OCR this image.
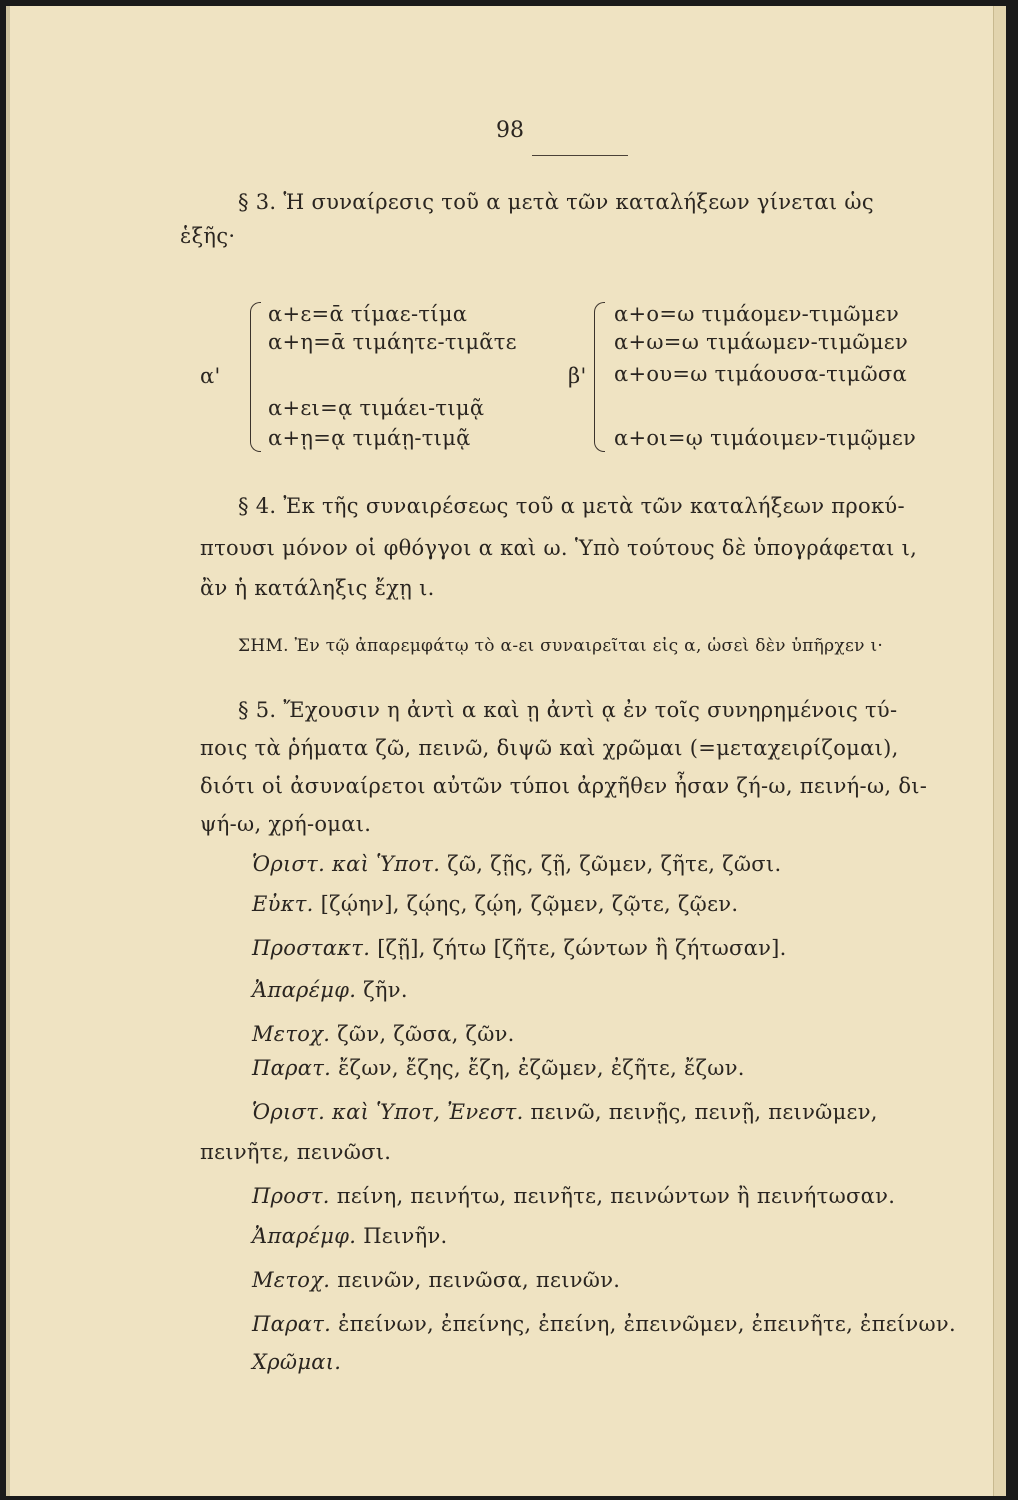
98
§ 3. Ἡ συναίρεσις τοῦ α μετὰ τῶν καταλήξεων γίνεται ὡς
ἑξῆς·
α'
α+ε=ᾱ τίμαε-τίμα
α+η=ᾱ τιμάητε-τιμᾶτε
α+ει=ᾳ τιμάει-τιμᾷ
α+ῃ=ᾳ τιμάῃ-τιμᾷ
β'
α+ο=ω τιμάομεν-τιμῶμεν
α+ω=ω τιμάωμεν-τιμῶμεν
α+ου=ω τιμάουσα-τιμῶσα
α+οι=ῳ τιμάοιμεν-τιμῷμεν
§ 4. Ἐκ τῆς συναιρέσεως τοῦ α μετὰ τῶν καταλήξεων προκύ-
πτουσι μόνον οἱ φθόγγοι α καὶ ω. Ὑπὸ τούτους δὲ ὑπογράφεται ι,
ἂν ἡ κατάληξις ἔχῃ ι.
ΣΗΜ. Ἐν τῷ ἀπαρεμφάτῳ τὸ α-ει συναιρεῖται εἰς α, ὡσεὶ δὲν ὑπῆρχεν ι·
§ 5. Ἔχουσιν η ἀντὶ α καὶ ῃ ἀντὶ ᾳ ἐν τοῖς συνηρημένοις τύ-
ποις τὰ ῥήματα ζῶ, πεινῶ, διψῶ καὶ χρῶμαι (=μεταχειρίζομαι),
διότι οἱ ἀσυναίρετοι αὐτῶν τύποι ἀρχῆθεν ἦσαν ζή-ω, πεινή-ω, δι-
ψή-ω, χρή-ομαι.
Ὁριστ. καὶ Ὑποτ. ζῶ, ζῇς, ζῇ, ζῶμεν, ζῆτε, ζῶσι.
Εὐκτ. [ζῴην], ζῴης, ζῴη, ζῷμεν, ζῷτε, ζῷεν.
Προστακτ. [ζῇ], ζήτω [ζῆτε, ζώντων ἢ ζήτωσαν].
Ἀπαρέμφ. ζῆν.
Μετοχ. ζῶν, ζῶσα, ζῶν.
Παρατ. ἔζων, ἔζης, ἔζη, ἐζῶμεν, ἐζῆτε, ἔζων.
Ὁριστ. καὶ Ὑποτ, Ἐνεστ. πεινῶ, πεινῇς, πεινῇ, πεινῶμεν,
πεινῆτε, πεινῶσι.
Προστ. πείνη, πεινήτω, πεινῆτε, πεινώντων ἢ πεινήτωσαν.
Ἀπαρέμφ. Πεινῆν.
Μετοχ. πεινῶν, πεινῶσα, πεινῶν.
Παρατ. ἐπείνων, ἐπείνης, ἐπείνη, ἐπεινῶμεν, ἐπεινῆτε, ἐπείνων.
Χρῶμαι.
